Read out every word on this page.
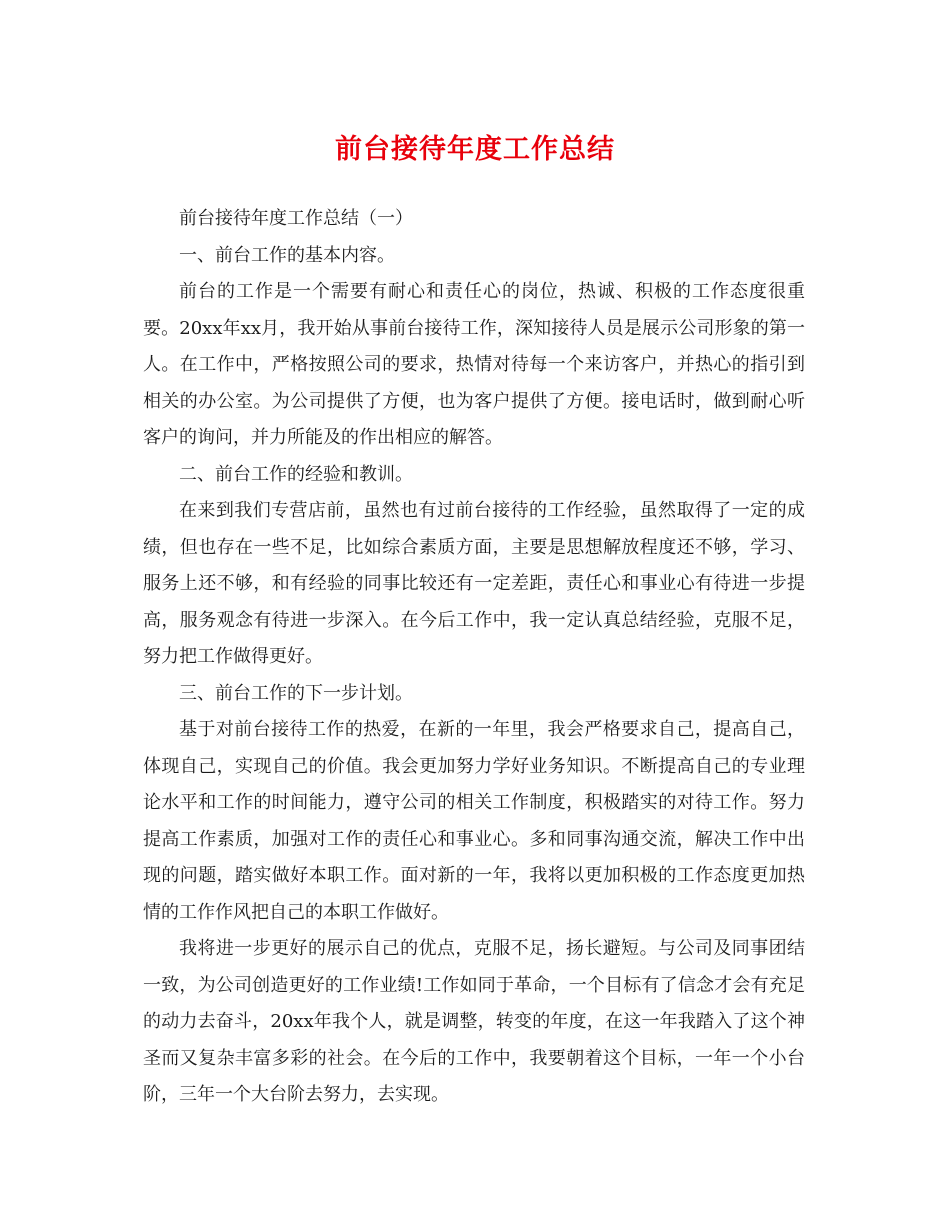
前台接待年度工作总结

前台接待年度工作总结（一）

一、前台工作的基本内容。

前台的工作是一个需要有耐心和责任心的岗位，热诚、积极的工作态度很重要。20xx年xx月，我开始从事前台接待工作，深知接待人员是展示公司形象的第一人。在工作中，严格按照公司的要求，热情对待每一个来访客户，并热心的指引到相关的办公室。为公司提供了方便，也为客户提供了方便。接电话时，做到耐心听客户的询问，并力所能及的作出相应的解答。

二、前台工作的经验和教训。

在来到我们专营店前，虽然也有过前台接待的工作经验，虽然取得了一定的成绩，但也存在一些不足，比如综合素质方面，主要是思想解放程度还不够，学习、服务上还不够，和有经验的同事比较还有一定差距，责任心和事业心有待进一步提高，服务观念有待进一步深入。在今后工作中，我一定认真总结经验，克服不足，努力把工作做得更好。

三、前台工作的下一步计划。

基于对前台接待工作的热爱，在新的一年里，我会严格要求自己，提高自己，体现自己，实现自己的价值。我会更加努力学好业务知识。不断提高自己的专业理论水平和工作的时间能力，遵守公司的相关工作制度，积极踏实的对待工作。努力提高工作素质，加强对工作的责任心和事业心。多和同事沟通交流，解决工作中出现的问题，踏实做好本职工作。面对新的一年，我将以更加积极的工作态度更加热情的工作作风把自己的本职工作做好。

我将进一步更好的展示自己的优点，克服不足，扬长避短。与公司及同事团结一致，为公司创造更好的工作业绩!工作如同于革命，一个目标有了信念才会有充足的动力去奋斗，20xx年我个人，就是调整，转变的年度，在这一年我踏入了这个神圣而又复杂丰富多彩的社会。在今后的工作中，我要朝着这个目标，一年一个小台阶，三年一个大台阶去努力，去实现。
